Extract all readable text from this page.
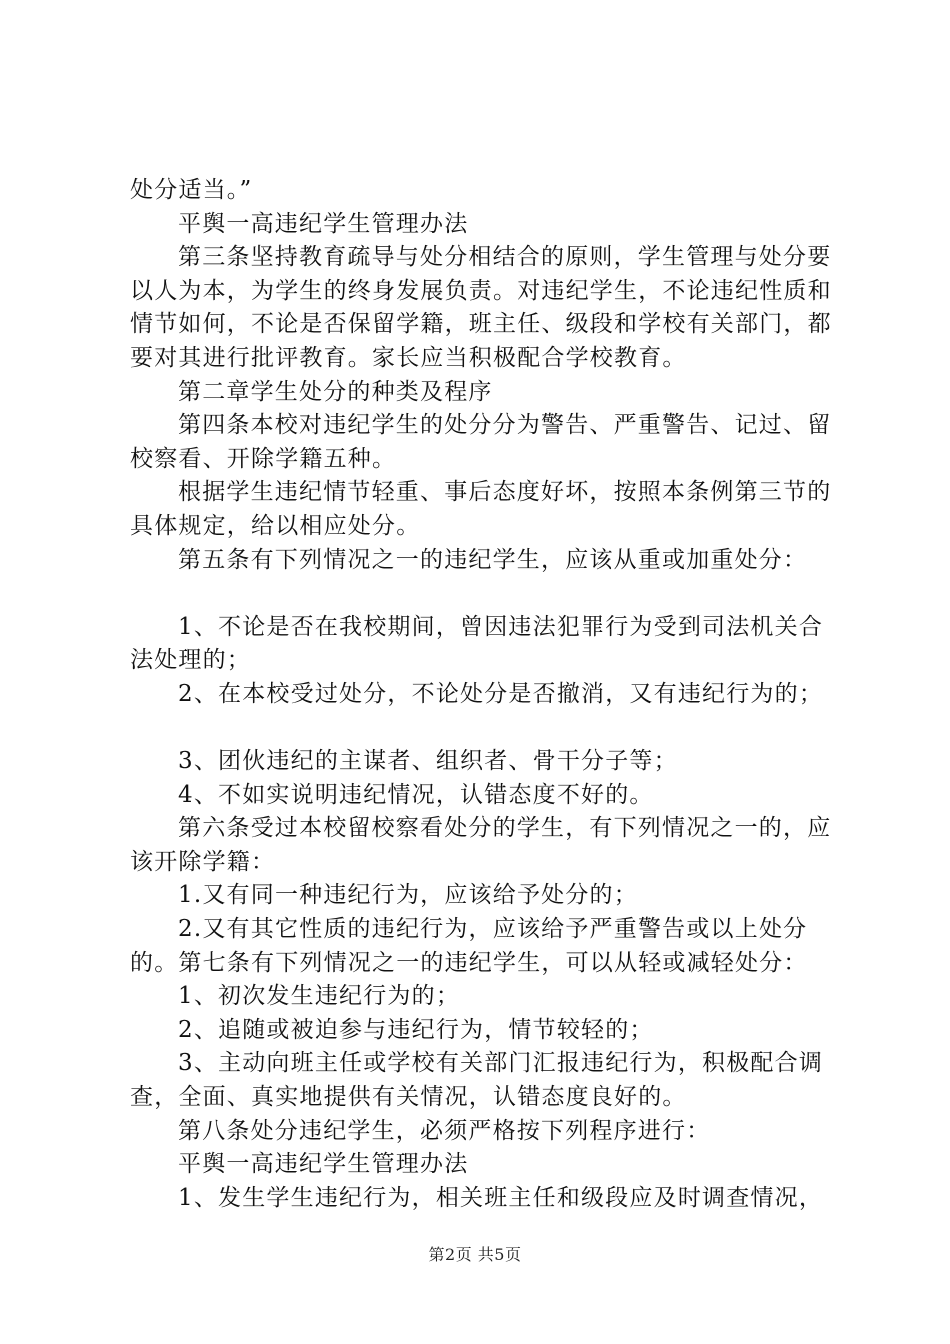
处分适当。”

平舆一高违纪学生管理办法

第三条坚持教育疏导与处分相结合的原则，学生管理与处分要以人为本，为学生的终身发展负责。对违纪学生，不论违纪性质和情节如何，不论是否保留学籍，班主任、级段和学校有关部门，都要对其进行批评教育。家长应当积极配合学校教育。

第二章学生处分的种类及程序

第四条本校对违纪学生的处分分为警告、严重警告、记过、留校察看、开除学籍五种。

根据学生违纪情节轻重、事后态度好坏，按照本条例第三节的具体规定，给以相应处分。

第五条有下列情况之一的违纪学生，应该从重或加重处分：

1、不论是否在我校期间，曾因违法犯罪行为受到司法机关合法处理的；

2、在本校受过处分，不论处分是否撤消，又有违纪行为的；

3、团伙违纪的主谋者、组织者、骨干分子等；

4、不如实说明违纪情况，认错态度不好的。

第六条受过本校留校察看处分的学生，有下列情况之一的，应该开除学籍：

1.又有同一种违纪行为，应该给予处分的；

2.又有其它性质的违纪行为，应该给予严重警告或以上处分的。第七条有下列情况之一的违纪学生，可以从轻或减轻处分：

1、初次发生违纪行为的；

2、追随或被迫参与违纪行为，情节较轻的；

3、主动向班主任或学校有关部门汇报违纪行为，积极配合调查，全面、真实地提供有关情况，认错态度良好的。

第八条处分违纪学生，必须严格按下列程序进行：

平舆一高违纪学生管理办法

1、发生学生违纪行为，相关班主任和级段应及时调查情况，

第2页 共5页
